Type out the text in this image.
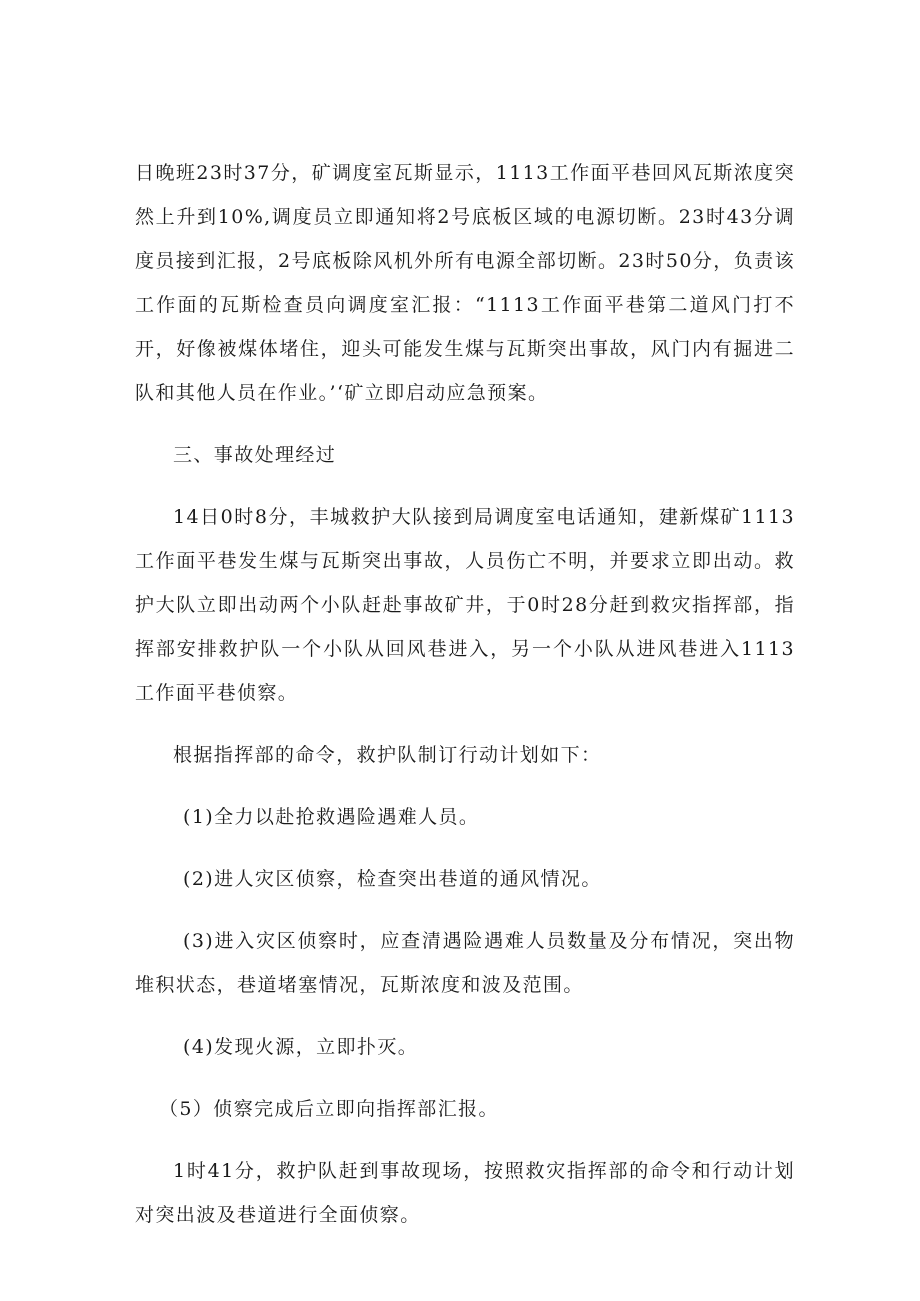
日晚班23时37分，矿调度室瓦斯显示，1113工作面平巷回风瓦斯浓度突然上升到10%,调度员立即通知将2号底板区域的电源切断。23时43分调度员接到汇报，2号底板除风机外所有电源全部切断。23时50分，负责该工作面的瓦斯检查员向调度室汇报：“1113工作面平巷第二道风门打不开，好像被煤体堵住，迎头可能发生煤与瓦斯突出事故，风门内有掘进二队和其他人员在作业。’‘矿立即启动应急预案。

三、事故处理经过

14日0时8分，丰城救护大队接到局调度室电话通知，建新煤矿1113工作面平巷发生煤与瓦斯突出事故，人员伤亡不明，并要求立即出动。救护大队立即出动两个小队赶赴事故矿井，于0时28分赶到救灾指挥部，指挥部安排救护队一个小队从回风巷进入，另一个小队从进风巷进入1113工作面平巷侦察。

根据指挥部的命令，救护队制订行动计划如下：

(1)全力以赴抢救遇险遇难人员。

(2)进人灾区侦察，检查突出巷道的通风情况。

(3)进入灾区侦察时，应查清遇险遇难人员数量及分布情况，突出物堆积状态，巷道堵塞情况，瓦斯浓度和波及范围。

(4)发现火源，立即扑灭。

（5）侦察完成后立即向指挥部汇报。

1时41分，救护队赶到事故现场，按照救灾指挥部的命令和行动计划对突出波及巷道进行全面侦察。
